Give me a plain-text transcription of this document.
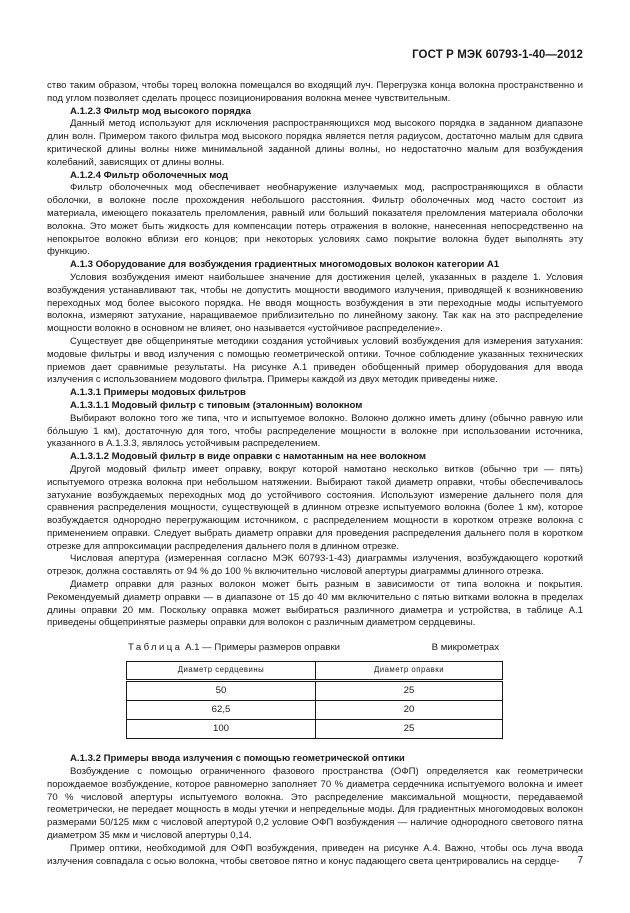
ГОСТ Р МЭК 60793-1-40—2012

ство таким образом, чтобы торец волокна помещался во входящий луч. Перегрузка конца волокна пространственно и под углом позволяет сделать процесс позиционирования волокна менее чувствительным.

А.1.2.3 Фильтр мод высокого порядка

Данный метод используют для исключения распространяющихся мод высокого порядка в заданном диапазоне длин волн. Примером такого фильтра мод высокого порядка является петля радиусом, достаточно малым для сдвига критической длины волны ниже минимальной заданной длины волны, но недостаточно малым для возбуждения колебаний, зависящих от длины волны.

А.1.2.4 Фильтр оболочечных мод

Фильтр оболочечных мод обеспечивает необнаружение излучаемых мод, распространяющихся в области оболочки, в волокне после прохождения небольшого расстояния. Фильтр оболочечных мод часто состоит из материала, имеющего показатель преломления, равный или больший показателя преломления материала оболочки волокна. Это может быть жидкость для компенсации потерь отражения в волокне, нанесенная непосредственно на непокрытое волокно вблизи его концов; при некоторых условиях само покрытие волокна будет выполнять эту функцию.

А.1.3 Оборудование для возбуждения градиентных многомодовых волокон категории А1

Условия возбуждения имеют наибольшее значение для достижения целей, указанных в разделе 1. Условия возбуждения устанавливают так, чтобы не допустить мощности вводимого излучения, приводящей к возникновению переходных мод более высокого порядка. Не вводя мощность возбуждения в эти переходные моды испытуемого волокна, измеряют затухание, наращиваемое приблизительно по линейному закону. Так как на это распределение мощности волокно в основном не влияет, оно называется «устойчивое распределение».

Существует две общепринятые методики создания устойчивых условий возбуждения для измерения затухания: модовые фильтры и ввод излучения с помощью геометрической оптики. Точное соблюдение указанных технических приемов дает сравнимые результаты. На рисунке А.1 приведен обобщенный пример оборудования для ввода излучения с использованием модового фильтра. Примеры каждой из двух методик приведены ниже.

А.1.3.1 Примеры модовых фильтров

А.1.3.1.1 Модовый фильтр с типовым (эталонным) волокном

Выбирают волокно того же типа, что и испытуемое волокно. Волокно должно иметь длину (обычно равную или бо́льшую 1 км), достаточную для того, чтобы распределение мощности в волокне при использовании источника, указанного в А.1.3.3, являлось устойчивым распределением.

А.1.3.1.2 Модовый фильтр в виде оправки с намотанным на нее волокном

Другой модовый фильтр имеет оправку, вокруг которой намотано несколько витков (обычно три — пять) испытуемого отрезка волокна при небольшом натяжении. Выбирают такой диаметр оправки, чтобы обеспечивалось затухание возбуждаемых переходных мод до устойчивого состояния. Используют измерение дальнего поля для сравнения распределения мощности, существующей в длинном отрезке испытуемого волокна (более 1 км), которое возбуждается однородно перегружающим источником, с распределением мощности в коротком отрезке волокна с применением оправки. Следует выбрать диаметр оправки для проведения распределения дальнего поля в коротком отрезке для аппроксимации распределения дальнего поля в длинном отрезке.

Числовая апертура (измеренная согласно МЭК 60793-1-43) диаграммы излучения, возбуждающего короткий отрезок, должна составлять от 94 % до 100 % включительно числовой апертуры диаграммы длинного отрезка.

Диаметр оправки для разных волокон может быть разным в зависимости от типа волокна и покрытия. Рекомендуемый диаметр оправки — в диапазоне от 15 до 40 мм включительно с пятью витками волокна в пределах длины оправки 20 мм. Поскольку оправка может выбираться различного диаметра и устройства, в таблице А.1 приведены общепринятые размеры оправки для волокон с различным диаметром сердцевины.

Таблица А.1 — Примеры размеров оправки	В микрометрах
Диаметр сердцевины	Диаметр оправки
50	25
62,5	20
100	25

А.1.3.2 Примеры ввода излучения с помощью геометрической оптики

Возбуждение с помощью ограниченного фазового пространства (ОФП) определяется как геометрически порождаемое возбуждение, которое равномерно заполняет 70 % диаметра сердечника испытуемого волокна и имеет 70 % числовой апертуры испытуемого волокна. Это распределение максимальной мощности, передаваемой геометрически, не передает мощность в моды утечки и непредельные моды. Для градиентных многомодовых волокон размерами 50/125 мкм с числовой апертурой 0,2 условие ОФП возбуждения — наличие однородного светового пятна диаметром 35 мкм и числовой апертуры 0,14.

Пример оптики, необходимой для ОФП возбуждения, приведен на рисунке А.4. Важно, чтобы ось луча ввода излучения совпадала с осью волокна, чтобы световое пятно и конус падающего света центрировались на сердце-	7
